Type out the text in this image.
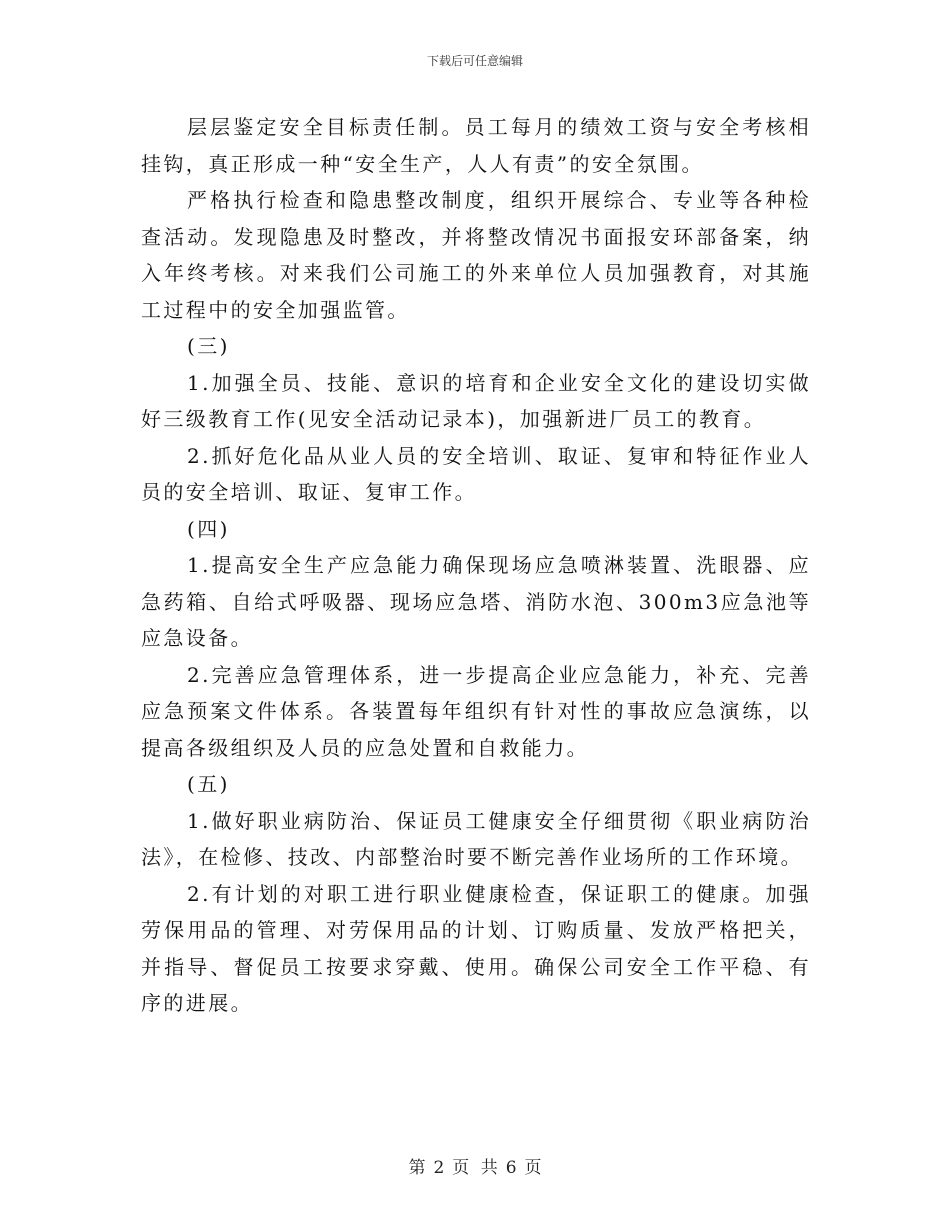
下载后可任意编辑

层层鉴定安全目标责任制。员工每月的绩效工资与安全考核相挂钩，真正形成一种“安全生产，人人有责”的安全氛围。

严格执行检查和隐患整改制度，组织开展综合、专业等各种检查活动。发现隐患及时整改，并将整改情况书面报安环部备案，纳入年终考核。对来我们公司施工的外来单位人员加强教育，对其施工过程中的安全加强监管。

(三)

1.加强全员、技能、意识的培育和企业安全文化的建设切实做好三级教育工作(见安全活动记录本)，加强新进厂员工的教育。

2.抓好危化品从业人员的安全培训、取证、复审和特征作业人员的安全培训、取证、复审工作。

(四)

1.提高安全生产应急能力确保现场应急喷淋装置、洗眼器、应急药箱、自给式呼吸器、现场应急塔、消防水泡、300m3应急池等应急设备。

2.完善应急管理体系，进一步提高企业应急能力，补充、完善应急预案文件体系。各装置每年组织有针对性的事故应急演练，以提高各级组织及人员的应急处置和自救能力。

(五)

1.做好职业病防治、保证员工健康安全仔细贯彻《职业病防治法》，在检修、技改、内部整治时要不断完善作业场所的工作环境。

2.有计划的对职工进行职业健康检查，保证职工的健康。加强劳保用品的管理、对劳保用品的计划、订购质量、发放严格把关，并指导、督促员工按要求穿戴、使用。确保公司安全工作平稳、有序的进展。

第 2 页 共 6 页
